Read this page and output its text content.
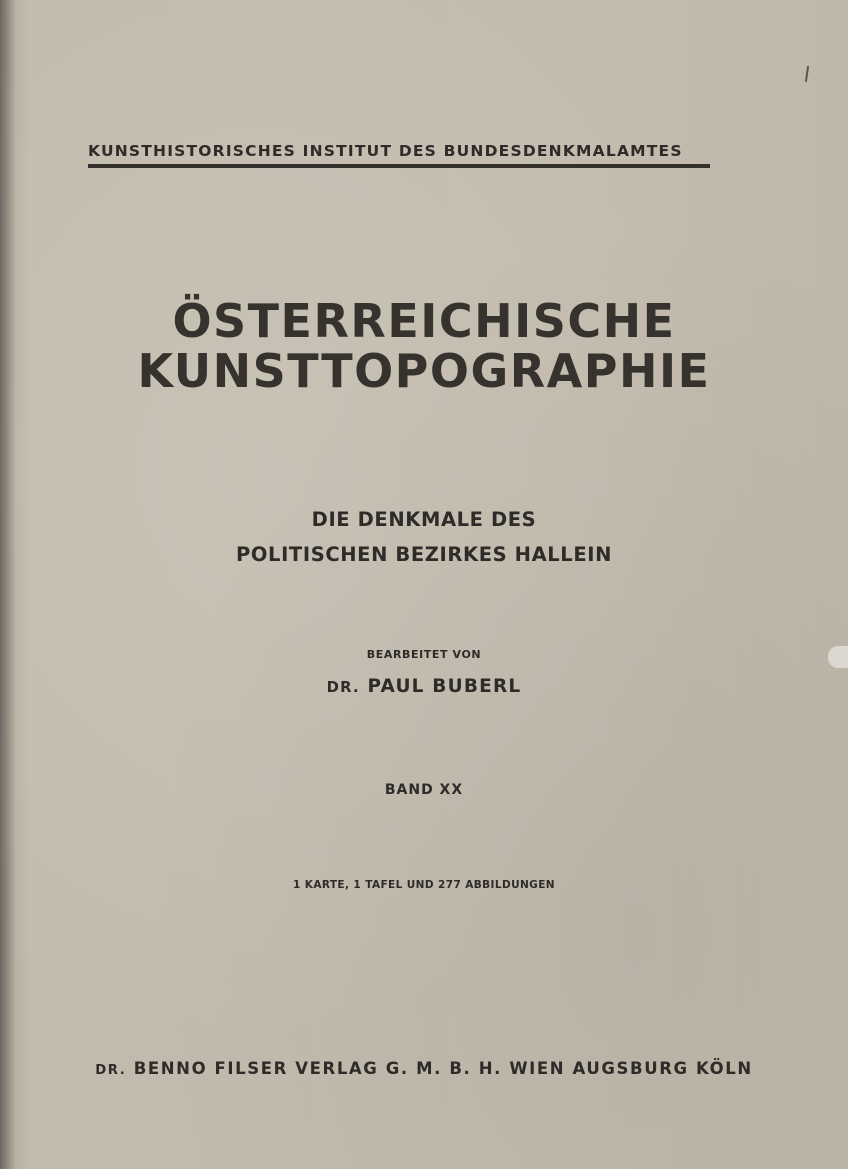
KUNSTHISTORISCHES INSTITUT DES BUNDESDENKMALAMTES
ÖSTERREICHISCHE
KUNSTTOPOGRAPHIE
DIE DENKMALE DES
POLITISCHEN BEZIRKES HALLEIN
BEARBEITET VON
DR. PAUL BUBERL
BAND XX
1 KARTE, 1 TAFEL UND 277 ABBILDUNGEN
DR. BENNO FILSER VERLAG G. M. B. H. WIEN AUGSBURG KÖLN
